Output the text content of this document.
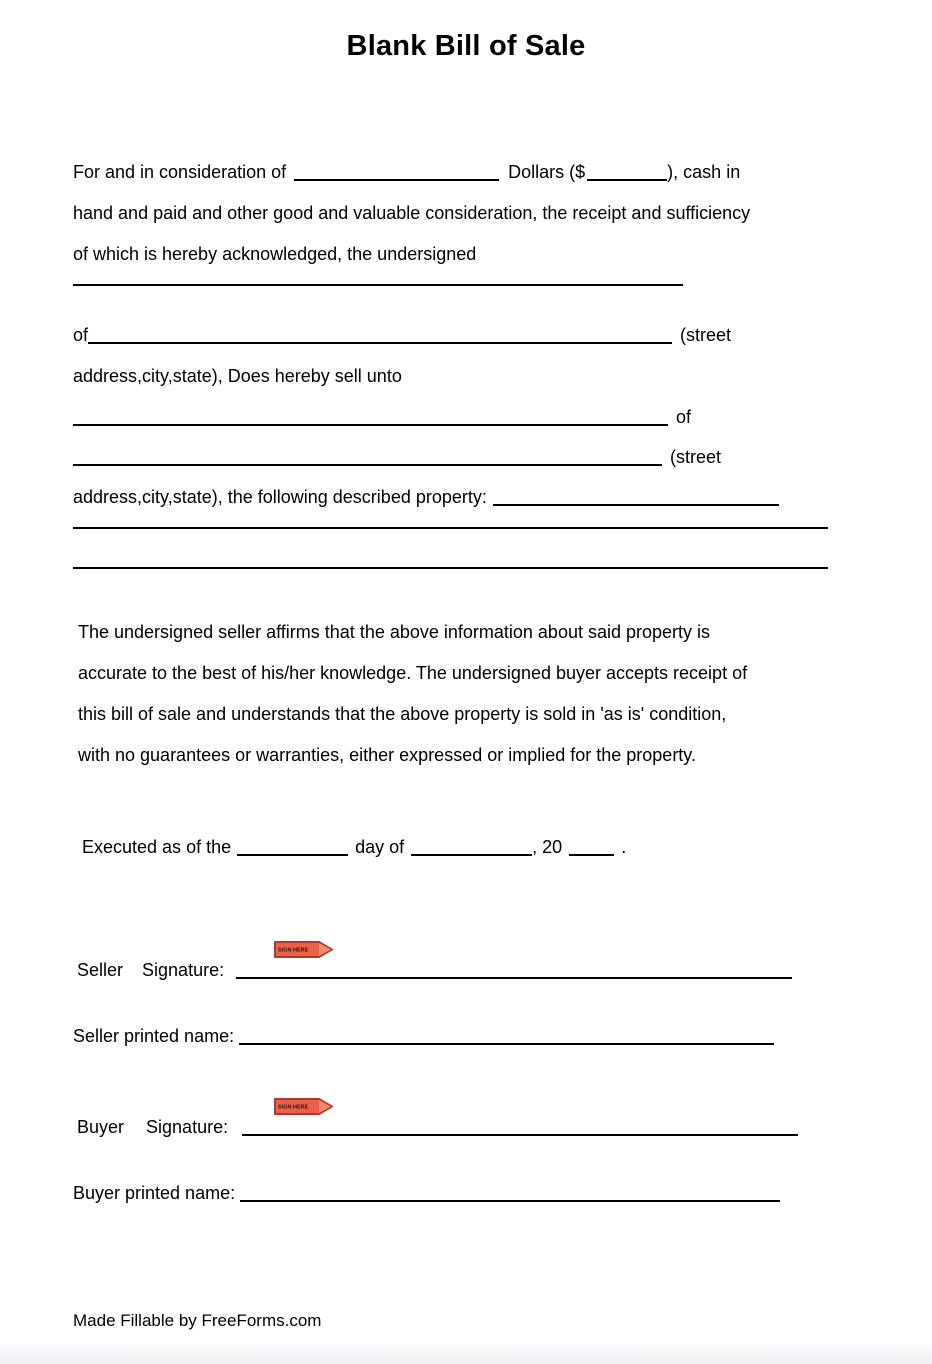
Blank Bill of Sale
For and in consideration of	Dollars ($	), cash in
hand and paid and other good and valuable consideration, the receipt and sufficiency
of which is hereby acknowledged, the undersigned
of	(street
address,city,state), Does hereby sell unto
of
(street
address,city,state), the following described property:
The undersigned seller affirms that the above information about said property is
accurate to the best of his/her knowledge. The undersigned buyer accepts receipt of
this bill of sale and understands that the above property is sold in 'as is' condition,
with no guarantees or warranties, either expressed or implied for the property.
Executed as of the	day of	, 20	.
SIGN HERE
Seller Signature:
Seller printed name:
SIGN HERE
Buyer Signature:
Buyer printed name:
Made Fillable by FreeForms.com
